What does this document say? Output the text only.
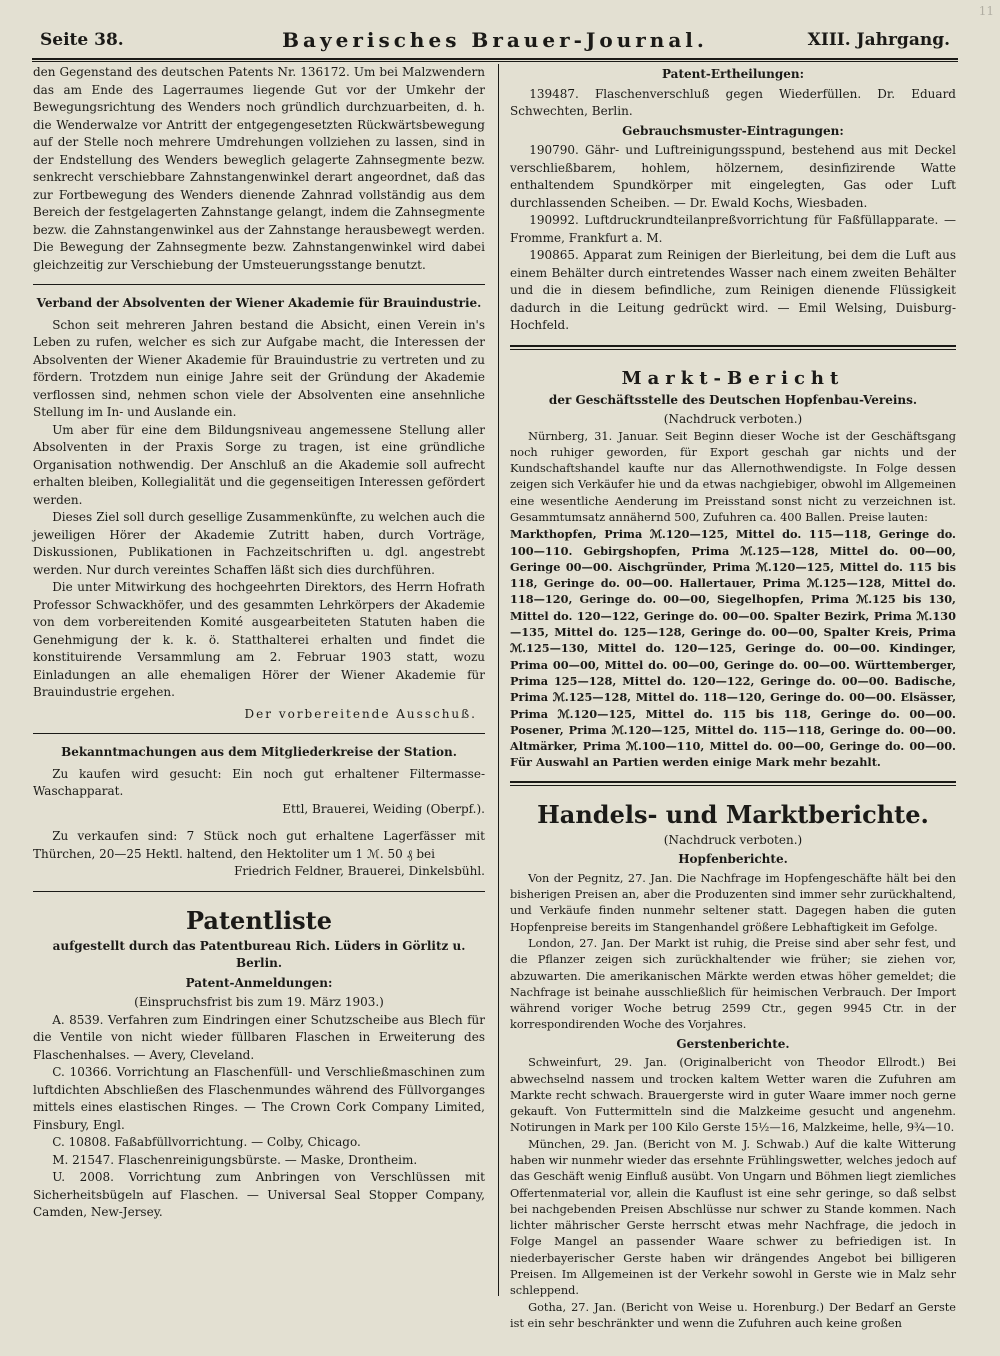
Seite 38.	Bayerisches Brauer-Journal.	XIII. Jahrgang.

den Gegenstand des deutschen Patents Nr. 136172. Um bei Malzwendern das am Ende des Lagerraumes liegende Gut vor der Umkehr der Bewegungsrichtung des Wenders noch gründlich durchzuarbeiten, d. h. die Wenderwalze vor Antritt der entgegengesetzten Rückwärtsbewegung auf der Stelle noch mehrere Umdrehungen vollziehen zu lassen, sind in der Endstellung des Wenders beweglich gelagerte Zahnsegmente bezw. senkrecht verschiebbare Zahnstangenwinkel derart angeordnet, daß das zur Fortbewegung des Wenders dienende Zahnrad vollständig aus dem Bereich der festgelagerten Zahnstange gelangt, indem die Zahnsegmente bezw. die Zahnstangenwinkel aus der Zahnstange herausbewegt werden. Die Bewegung der Zahnsegmente bezw. Zahnstangenwinkel wird dabei gleichzeitig zur Verschiebung der Umsteuerungsstange benutzt.

Verband der Absolventen der Wiener Akademie für Brauindustrie.

Schon seit mehreren Jahren bestand die Absicht, einen Verein in's Leben zu rufen, welcher es sich zur Aufgabe macht, die Interessen der Absolventen der Wiener Akademie für Brauindustrie zu vertreten und zu fördern. Trotzdem nun einige Jahre seit der Gründung der Akademie verflossen sind, nehmen schon viele der Absolventen eine ansehnliche Stellung im In- und Auslande ein.

Um aber für eine dem Bildungsniveau angemessene Stellung aller Absolventen in der Praxis Sorge zu tragen, ist eine gründliche Organisation nothwendig. Der Anschluß an die Akademie soll aufrecht erhalten bleiben, Kollegialität und die gegenseitigen Interessen gefördert werden.

Dieses Ziel soll durch gesellige Zusammenkünfte, zu welchen auch die jeweiligen Hörer der Akademie Zutritt haben, durch Vorträge, Diskussionen, Publikationen in Fachzeitschriften u. dgl. angestrebt werden. Nur durch vereintes Schaffen läßt sich dies durchführen.

Die unter Mitwirkung des hochgeehrten Direktors, des Herrn Hofrath Professor Schwackhöfer, und des gesammten Lehrkörpers der Akademie von dem vorbereitenden Komité ausgearbeiteten Statuten haben die Genehmigung der k. k. ö. Statthalterei erhalten und findet die konstituirende Versammlung am 2. Februar 1903 statt, wozu Einladungen an alle ehemaligen Hörer der Wiener Akademie für Brauindustrie ergehen.

Der vorbereitende Ausschuß.

Bekanntmachungen aus dem Mitgliederkreise der Station.

Zu kaufen wird gesucht: Ein noch gut erhaltener Filtermasse-Waschapparat.

Ettl, Brauerei, Weiding (Oberpf.).

Zu verkaufen sind: 7 Stück noch gut erhaltene Lagerfässer mit Thürchen, 20—25 Hektl. haltend, den Hektoliter um 1 ℳ. 50 ₰ bei

Friedrich Feldner, Brauerei, Dinkelsbühl.

Patentliste

aufgestellt durch das Patentbureau Rich. Lüders in Görlitz u. Berlin.

Patent-Anmeldungen:

(Einspruchsfrist bis zum 19. März 1903.)

A. 8539. Verfahren zum Eindringen einer Schutzscheibe aus Blech für die Ventile von nicht wieder füllbaren Flaschen in Erweiterung des Flaschenhalses. — Avery, Cleveland.

C. 10366. Vorrichtung an Flaschenfüll- und Verschließmaschinen zum luftdichten Abschließen des Flaschenmundes während des Füllvorganges mittels eines elastischen Ringes. — The Crown Cork Company Limited, Finsbury, Engl.

C. 10808. Faßabfüllvorrichtung. — Colby, Chicago.

M. 21547. Flaschenreinigungsbürste. — Maske, Drontheim.

U. 2008. Vorrichtung zum Anbringen von Verschlüssen mit Sicherheitsbügeln auf Flaschen. — Universal Seal Stopper Company, Camden, New-Jersey.

Patent-Ertheilungen:

139487. Flaschenverschluß gegen Wiederfüllen. Dr. Eduard Schwechten, Berlin.

Gebrauchsmuster-Eintragungen:

190790. Gähr- und Luftreinigungsspund, bestehend aus mit Deckel verschließbarem, hohlem, hölzernem, desinfizirende Watte enthaltendem Spundkörper mit eingelegten, Gas oder Luft durchlassenden Scheiben. — Dr. Ewald Kochs, Wiesbaden.

190992. Luftdruckrundteilanpreßvorrichtung für Faßfüllapparate. — Fromme, Frankfurt a. M.

190865. Apparat zum Reinigen der Bierleitung, bei dem die Luft aus einem Behälter durch eintretendes Wasser nach einem zweiten Behälter und die in diesem befindliche, zum Reinigen dienende Flüssigkeit dadurch in die Leitung gedrückt wird. — Emil Welsing, Duisburg-Hochfeld.

Markt-Bericht

der Geschäftsstelle des Deutschen Hopfenbau-Vereins.

(Nachdruck verboten.)

Nürnberg, 31. Januar. Seit Beginn dieser Woche ist der Geschäftsgang noch ruhiger geworden, für Export geschah gar nichts und der Kundschaftshandel kaufte nur das Allernothwendigste. In Folge dessen zeigen sich Verkäufer hie und da etwas nachgiebiger, obwohl im Allgemeinen eine wesentliche Aenderung im Preisstand sonst nicht zu verzeichnen ist. Gesammtumsatz annähernd 500, Zufuhren ca. 400 Ballen. Preise lauten:

Markthopfen, Prima ℳ.120—125, Mittel do. 115—118, Geringe do. 100—110. Gebirgshopfen, Prima ℳ.125—128, Mittel do. 00—00, Geringe 00—00. Aischgründer, Prima ℳ.120—125, Mittel do. 115 bis 118, Geringe do. 00—00. Hallertauer, Prima ℳ.125—128, Mittel do. 118—120, Geringe do. 00—00, Siegelhopfen, Prima ℳ.125 bis 130, Mittel do. 120—122, Geringe do. 00—00. Spalter Bezirk, Prima ℳ.130—135, Mittel do. 125—128, Geringe do. 00—00, Spalter Kreis, Prima ℳ.125—130, Mittel do. 120—125, Geringe do. 00—00. Kindinger, Prima 00—00, Mittel do. 00—00, Geringe do. 00—00. Württemberger, Prima 125—128, Mittel do. 120—122, Geringe do. 00—00. Badische, Prima ℳ.125—128, Mittel do. 118—120, Geringe do. 00—00. Elsässer, Prima ℳ.120—125, Mittel do. 115 bis 118, Geringe do. 00—00. Posener, Prima ℳ.120—125, Mittel do. 115—118, Geringe do. 00—00. Altmärker, Prima ℳ.100—110, Mittel do. 00—00, Geringe do. 00—00. Für Auswahl an Partien werden einige Mark mehr bezahlt.

Handels- und Marktberichte.

(Nachdruck verboten.)

Hopfenberichte.

Von der Pegnitz, 27. Jan. Die Nachfrage im Hopfengeschäfte hält bei den bisherigen Preisen an, aber die Produzenten sind immer sehr zurückhaltend, und Verkäufe finden nunmehr seltener statt. Dagegen haben die guten Hopfenpreise bereits im Stangenhandel größere Lebhaftigkeit im Gefolge.

London, 27. Jan. Der Markt ist ruhig, die Preise sind aber sehr fest, und die Pflanzer zeigen sich zurückhaltender wie früher; sie ziehen vor, abzuwarten. Die amerikanischen Märkte werden etwas höher gemeldet; die Nachfrage ist beinahe ausschließlich für heimischen Verbrauch. Der Import während voriger Woche betrug 2599 Ctr., gegen 9945 Ctr. in der korrespondirenden Woche des Vorjahres.

Gerstenberichte.

Schweinfurt, 29. Jan. (Originalbericht von Theodor Ellrodt.) Bei abwechselnd nassem und trocken kaltem Wetter waren die Zufuhren am Markte recht schwach. Brauergerste wird in guter Waare immer noch gerne gekauft. Von Futtermitteln sind die Malzkeime gesucht und angenehm. Notirungen in Mark per 100 Kilo Gerste 15½—16, Malzkeime, helle, 9¾—10.

München, 29. Jan. (Bericht von M. J. Schwab.) Auf die kalte Witterung haben wir nunmehr wieder das ersehnte Frühlingswetter, welches jedoch auf das Geschäft wenig Einfluß ausübt. Von Ungarn und Böhmen liegt ziemliches Offertenmaterial vor, allein die Kauflust ist eine sehr geringe, so daß selbst bei nachgebenden Preisen Abschlüsse nur schwer zu Stande kommen. Nach lichter mährischer Gerste herrscht etwas mehr Nachfrage, die jedoch in Folge Mangel an passender Waare schwer zu befriedigen ist. In niederbayerischer Gerste haben wir drängendes Angebot bei billigeren Preisen. Im Allgemeinen ist der Verkehr sowohl in Gerste wie in Malz sehr schleppend.

Gotha, 27. Jan. (Bericht von Weise u. Horenburg.) Der Bedarf an Gerste ist ein sehr beschränkter und wenn die Zufuhren auch keine großen

11
